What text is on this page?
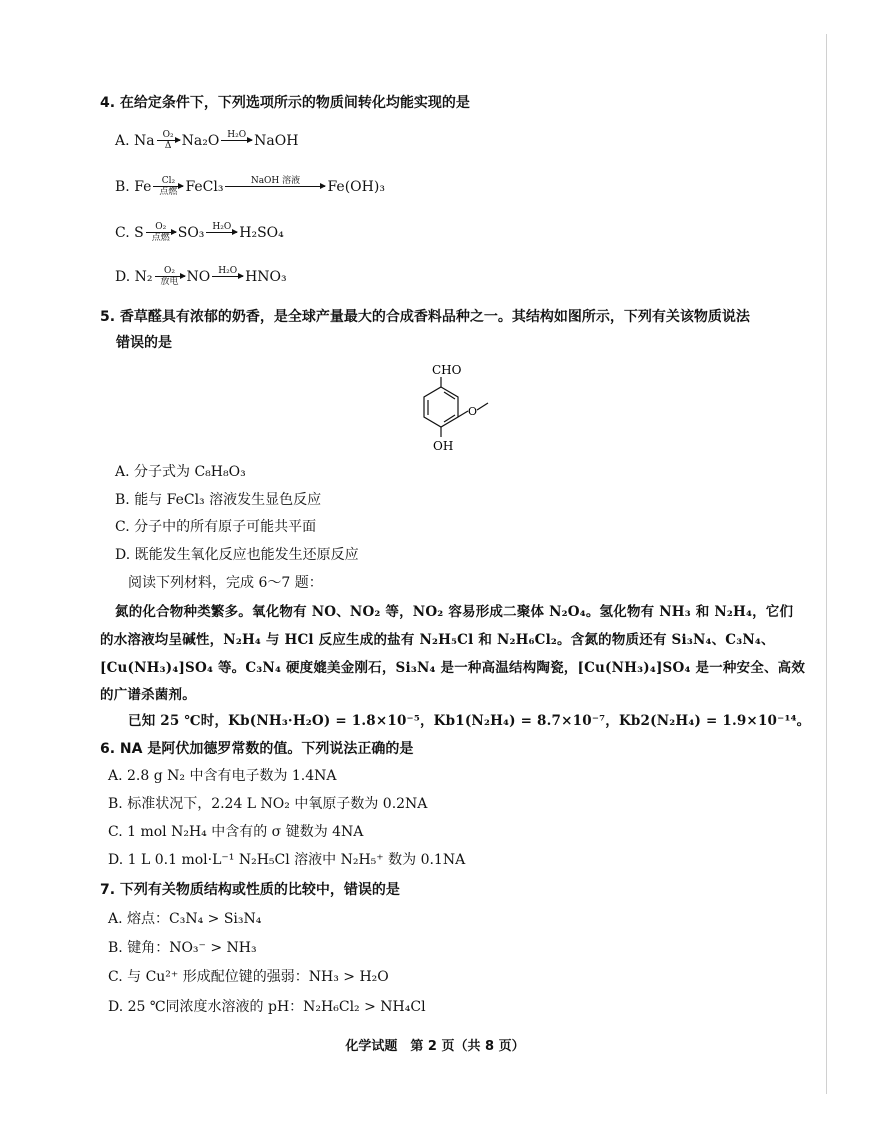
4. 在给定条件下，下列选项所示的物质间转化均能实现的是
A. Na O₂
Δ Na₂O H₂O NaOH
B. Fe	Cl₂
点燃 FeCl₃	NaOH 溶液	Fe(OH)₃
C. S	O₂
点燃 SO₃ H₂O H₂SO₄
D. N₂	O₂
放电 NO H₂O HNO₃
5. 香草醛具有浓郁的奶香，是全球产量最大的合成香料品种之一。其结构如图所示，下列有关该物质说法
错误的是
CHO
O
OH
A. 分子式为 C₈H₈O₃
B. 能与 FeCl₃ 溶液发生显色反应
C. 分子中的所有原子可能共平面
D. 既能发生氧化反应也能发生还原反应
阅读下列材料，完成 6～7 题：
氮的化合物种类繁多。氧化物有 NO、NO₂ 等，NO₂ 容易形成二聚体 N₂O₄。氢化物有 NH₃ 和 N₂H₄，它们
的水溶液均呈碱性，N₂H₄ 与 HCl 反应生成的盐有 N₂H₅Cl 和 N₂H₆Cl₂。含氮的物质还有 Si₃N₄、C₃N₄、
[Cu(NH₃)₄]SO₄ 等。C₃N₄ 硬度媲美金刚石，Si₃N₄ 是一种高温结构陶瓷，[Cu(NH₃)₄]SO₄ 是一种安全、高效
的广谱杀菌剂。
已知 25 ℃时，Kb(NH₃·H₂O) = 1.8×10⁻⁵，Kb1(N₂H₄) = 8.7×10⁻⁷，Kb2(N₂H₄) = 1.9×10⁻¹⁴。
6. NA 是阿伏加德罗常数的值。下列说法正确的是
A. 2.8 g N₂ 中含有电子数为 1.4NA
B. 标准状况下，2.24 L NO₂ 中氧原子数为 0.2NA
C. 1 mol N₂H₄ 中含有的 σ 键数为 4NA
D. 1 L 0.1 mol·L⁻¹ N₂H₅Cl 溶液中 N₂H₅⁺ 数为 0.1NA
7. 下列有关物质结构或性质的比较中，错误的是
A. 熔点：C₃N₄ > Si₃N₄
B. 键角：NO₃⁻ > NH₃
C. 与 Cu²⁺ 形成配位键的强弱：NH₃ > H₂O
D. 25 ℃同浓度水溶液的 pH：N₂H₆Cl₂ > NH₄Cl
化学试题　第 2 页（共 8 页）
